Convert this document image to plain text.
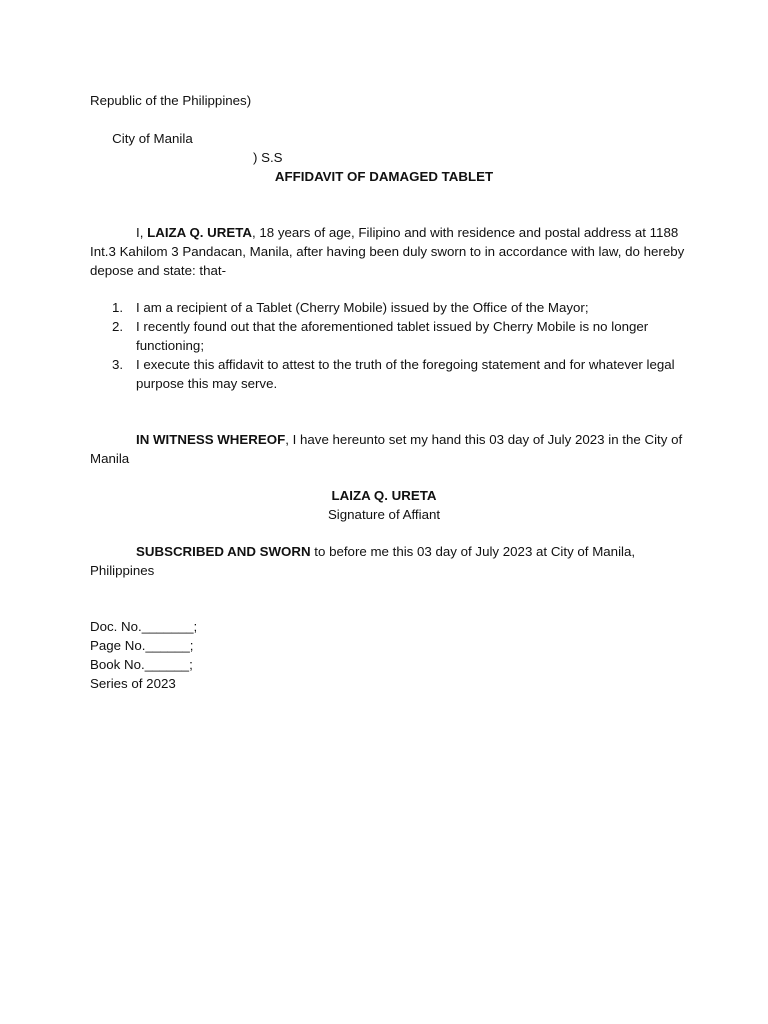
Republic of the Philippines)

City of Manila

) S.S

AFFIDAVIT OF DAMAGED TABLET
I, LAIZA Q. URETA, 18 years of age, Filipino and with residence and postal address at 1188 Int.3 Kahilom 3 Pandacan, Manila, after having been duly sworn to in accordance with law, do hereby depose and state: that-
1. I am a recipient of a Tablet (Cherry Mobile) issued by the Office of the Mayor;
2. I recently found out that the aforementioned tablet issued by Cherry Mobile is no longer functioning;
3. I execute this affidavit to attest to the truth of the foregoing statement and for whatever legal purpose this may serve.
IN WITNESS WHEREOF, I have hereunto set my hand this 03 day of July 2023 in the City of Manila
LAIZA Q. URETA
Signature of Affiant
SUBSCRIBED AND SWORN to before me this 03 day of July 2023 at City of Manila, Philippines
Doc. No._______;
Page No.______;
Book No.______;
Series of 2023
